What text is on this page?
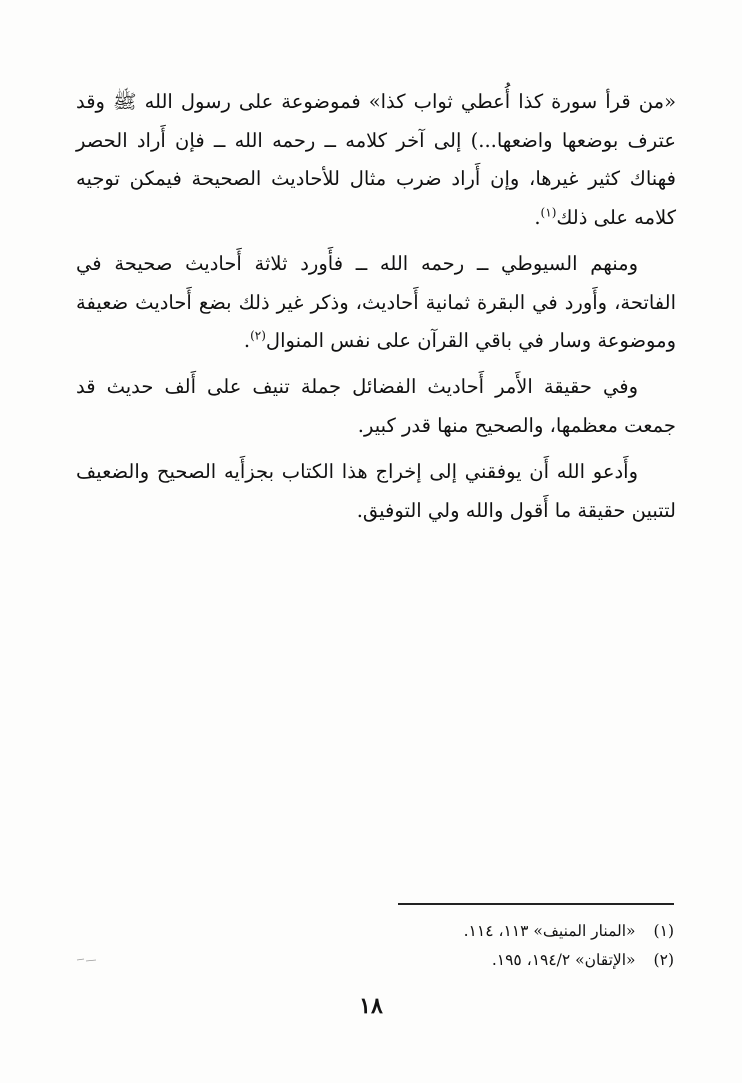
«من قرأ سورة كذا أُعطي ثواب كذا» فموضوعة على رسول الله ﷺ وقد عترف بوضعها واضعها...) إلى آخر كلامه ــ رحمه الله ــ فإن أَراد الحصر فهناك كثير غيرها، وإن أَراد ضرب مثال للأحاديث الصحيحة فيمكن توجيه كلامه على ذلك$^{(١)}$.

ومنهم السيوطي ــ رحمه الله ــ فأَورد ثلاثة أَحاديث صحيحة في الفاتحة، وأَورد في البقرة ثمانية أَحاديث، وذكر غير ذلك بضع أَحاديث ضعيفة وموضوعة وسار في باقي القرآن على نفس المنوال$^{(٢)}$.

وفي حقيقة الأَمر أَحاديث الفضائل جملة تنيف على أَلف حديث قد جمعت معظمها، والصحيح منها قدر كبير.

وأَدعو الله أَن يوفقني إلى إخراج هذا الكتاب بجزأَيه الصحيح والضعيف لتتبين حقيقة ما أَقول والله ولي التوفيق.

(١)«المنار المنيف» ١١٣، ١١٤.
(٢)«الإتقان» ١٩٤/٢، ١٩٥.
١٨
